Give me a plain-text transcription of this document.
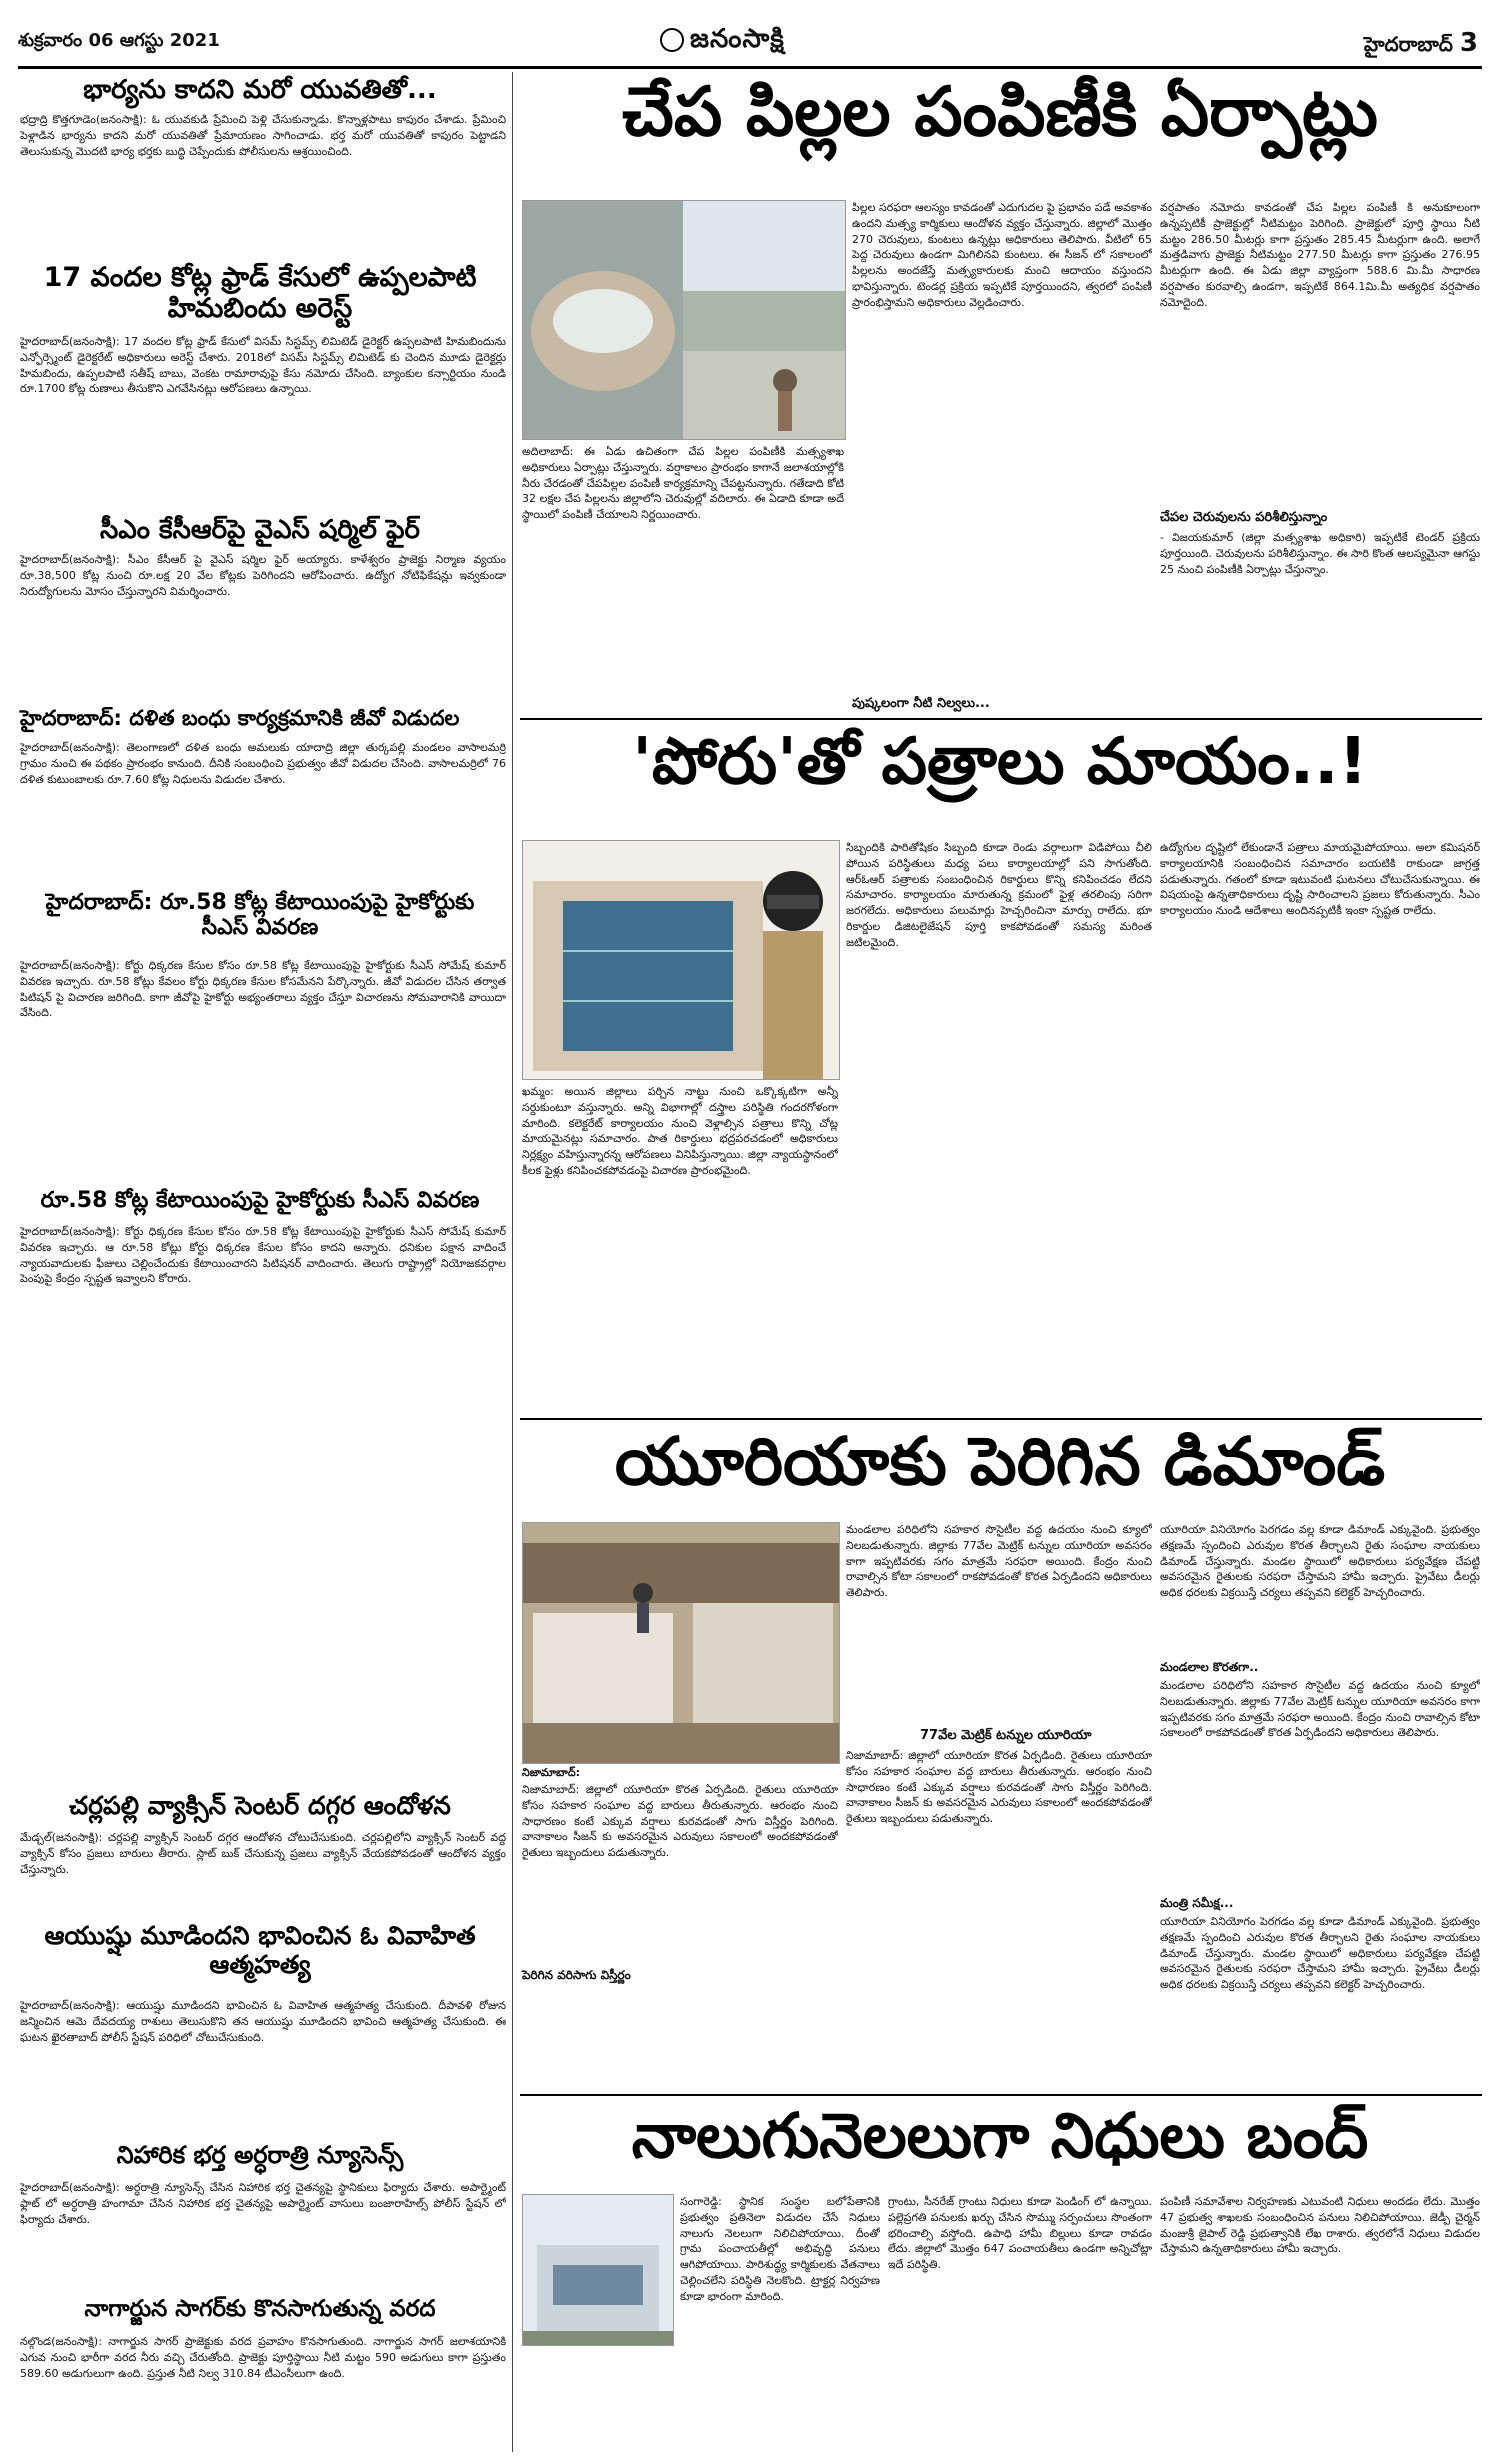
శుక్రవారం 06 ఆగస్టు 2021	జనంసాక్షి	హైదరాబాద్ 3
భార్యను కాదని మరో యువతితో...
భద్రాద్రి కొత్తగూడెం(జనంసాక్షి): ఓ యువకుడి ప్రేమించి పెళ్లి చేసుకున్నాడు. కొన్నాళ్లపాటు కాపురం చేశాడు. ప్రేమించి పెళ్లాడిన భార్యను కాదని మరో యువతితో ప్రేమాయణం సాగించాడు. భర్త మరో యువతితో కాపురం పెట్టాడని తెలుసుకున్న మొదటి భార్య భర్తకు బుద్ధి చెప్పేందుకు పోలీసులను ఆశ్రయించింది.
17 వందల కోట్ల ఫ్రాడ్ కేసులో ఉప్పలపాటి హిమబిందు అరెస్ట్
హైదరాబాద్(జనంసాక్షి): 17 వందల కోట్ల ఫ్రాడ్ కేసులో విసమ్ సిస్టమ్స్ లిమిటెడ్ డైరెక్టర్ ఉప్పలపాటి హిమబిందును ఎన్ఫోర్స్మెంట్ డైరెక్టరేట్ అధికారులు అరెస్ట్ చేశారు. 2018లో విసమ్ సిస్టమ్స్ లిమిటెడ్ కు చెందిన మూడు డైరెక్టర్లు హిమబిందు, ఉప్పలపాటి సతీష్ బాబు, వెంకట రామారావుపై కేసు నమోదు చేసింది. బ్యాంకుల కన్సార్టియం నుండి రూ.1700 కోట్ల రుణాలు తీసుకొని ఎగవేసినట్లు ఆరోపణలు ఉన్నాయి.
సీఎం కేసీఆర్‌పై వైఎస్ షర్మిల్ ఫైర్
హైదరాబాద్(జనంసాక్షి): సీఎం కేసీఆర్ పై వైఎస్ షర్మిల ఫైర్ అయ్యారు. కాళేశ్వరం ప్రాజెక్టు నిర్మాణ వ్యయం రూ.38,500 కోట్ల నుంచి రూ.లక్ష 20 వేల కోట్లకు పెరిగిందని ఆరోపించారు. ఉద్యోగ నోటిఫికేషన్లు ఇవ్వకుండా నిరుద్యోగులను మోసం చేస్తున్నారని విమర్శించారు.
హైదరాబాద్: దళిత బంధు కార్యక్రమానికి జీవో విడుదల
హైదరాబాద్(జనంసాక్షి): తెలంగాణలో దళిత బంధు అమలుకు యాదాద్రి జిల్లా తుర్కపల్లి మండలం వాసాలమర్రి గ్రామం నుంచి ఈ పథకం ప్రారంభం కానుంది. దీనికి సంబంధించి ప్రభుత్వం జీవో విడుదల చేసింది. వాసాలమర్రిలో 76 దళిత కుటుంబాలకు రూ.7.60 కోట్ల నిధులను విడుదల చేశారు.
హైదరాబాద్: రూ.58 కోట్ల కేటాయింపుపై హైకోర్టుకు సీఎస్ వివరణ
హైదరాబాద్(జనంసాక్షి): కోర్టు ధిక్కరణ కేసుల కోసం రూ.58 కోట్ల కేటాయింపుపై హైకోర్టుకు సీఎస్ సోమేష్ కుమార్ వివరణ ఇచ్చారు. రూ.58 కోట్లు కేవలం కోర్టు ధిక్కరణ కేసుల కోసమేనని పేర్కొన్నారు. జీవో విడుదల చేసిన తర్వాత పిటిషన్ పై విచారణ జరిగింది. కాగా జీవోపై హైకోర్టు అభ్యంతరాలు వ్యక్తం చేస్తూ విచారణను సోమవారానికి వాయిదా వేసింది.
రూ.58 కోట్ల కేటాయింపుపై హైకోర్టుకు సీఎస్ వివరణ
హైదరాబాద్(జనంసాక్షి): కోర్టు ధిక్కరణ కేసుల కోసం రూ.58 కోట్ల కేటాయింపుపై హైకోర్టుకు సీఎస్ సోమేష్ కుమార్ వివరణ ఇచ్చారు. ఆ రూ.58 కోట్లు కోర్టు ధిక్కరణ కేసుల కోసం కాదని అన్నారు. ధనికుల పక్షాన వాదించే న్యాయవాదులకు ఫీజులు చెల్లించేందుకు కేటాయించారని పిటిషనర్ వాదించారు. తెలుగు రాష్ట్రాల్లో నియోజకవర్గాల పెంపుపై కేంద్రం స్పష్టత ఇవ్వాలని కోరారు.
చర్లపల్లి వ్యాక్సిన్ సెంటర్ దగ్గర ఆందోళన
మేడ్చల్(జనంసాక్షి): చర్లపల్లి వ్యాక్సిన్ సెంటర్ దగ్గర ఆందోళన చోటుచేసుకుంది. చర్లపల్లిలోని వ్యాక్సిన్ సెంటర్ వద్ద వ్యాక్సిన్ కోసం ప్రజలు బారులు తీరారు. స్లాట్ బుక్ చేసుకున్న ప్రజలు వ్యాక్సిన్ వేయకపోవడంతో ఆందోళన వ్యక్తం చేస్తున్నారు.
ఆయుష్షు మూడిందని భావించిన ఓ వివాహిత ఆత్మహత్య
హైదరాబాద్(జనంసాక్షి): ఆయుష్షు మూడిందని భావించిన ఓ వివాహిత ఆత్మహత్య చేసుకుంది. దీపావళి రోజున జన్మించిన ఆమె దేవదయ్య రాశులు తెలుసుకొని తన ఆయుష్షు మూడిందని భావించి ఆత్మహత్య చేసుకుంది. ఈ ఘటన ఖైరతాబాద్ పోలీస్ స్టేషన్ పరిధిలో చోటుచేసుకుంది.
నిహారిక భర్త అర్ధరాత్రి న్యూసెన్స్
హైదరాబాద్(జనంసాక్షి): అర్ధరాత్రి న్యూసెన్స్ చేసిన నిహారిక భర్త చైతన్యపై స్థానికులు ఫిర్యాదు చేశారు. అపార్ట్మెంట్ ఫ్లాట్ లో అర్ధరాత్రి హంగామా చేసిన నిహారిక భర్త చైతన్యపై అపార్ట్మెంట్ వాసులు బంజారాహిల్స్ పోలీస్ స్టేషన్ లో ఫిర్యాదు చేశారు.
నాగార్జున సాగర్‌కు కొనసాగుతున్న వరద
నల్గొండ(జనంసాక్షి): నాగార్జున సాగర్ ప్రాజెక్టుకు వరద ప్రవాహం కొనసాగుతుంది. నాగార్జున సాగర్ జలాశయానికి ఎగువ నుంచి భారీగా వరద నీరు వచ్చి చేరుతోంది. ప్రాజెక్టు పూర్తిస్థాయి నీటి మట్టం 590 అడుగులు కాగా ప్రస్తుతం 589.60 అడుగులుగా ఉంది. ప్రస్తుత నీటి నిల్వ 310.84 టీఎంసీలుగా ఉంది.
చేప పిల్లల పంపిణీకి ఏర్పాట్లు
అదిలాబాద్: ఈ ఏడు ఉచితంగా చేప పిల్లల పంపిణీకి మత్స్యశాఖ అధికారులు ఏర్పాట్లు చేస్తున్నారు. వర్షాకాలం ప్రారంభం కాగానే జలాశయాల్లోకి నీరు చేరడంతో చేపపిల్లల పంపిణీ కార్యక్రమాన్ని చేపట్టనున్నారు. గతేడాది కోటి 32 లక్షల చేప పిల్లలను జిల్లాలోని చెరువుల్లో వదిలారు. ఈ ఏడాది కూడా అదే స్థాయిలో పంపిణీ చేయాలని నిర్ణయించారు.
పిల్లల సరఫరా ఆలస్యం కావడంతో ఎదుగుదల పై ప్రభావం పడే అవకాశం ఉందని మత్స్య కార్మికులు ఆందోళన వ్యక్తం చేస్తున్నారు. జిల్లాలో మొత్తం 270 చెరువులు, కుంటలు ఉన్నట్లు అధికారులు తెలిపారు. వీటిలో 65 పెద్ద చెరువులు ఉండగా మిగిలినవి కుంటలు. ఈ సీజన్ లో సకాలంలో పిల్లలను అందజేస్తే మత్స్యకారులకు మంచి ఆదాయం వస్తుందని భావిస్తున్నారు. టెండర్ల ప్రక్రియ ఇప్పటికే పూర్తయిందని, త్వరలో పంపిణీ ప్రారంభిస్తామని అధికారులు వెల్లడించారు.
పుష్కలంగా నీటి నిల్వలు...
వర్షపాతం నమోదు కావడంతో చేప పిల్లల పంపిణీ కి అనుకూలంగా ఉన్నప్పటికీ ప్రాజెక్టుల్లో నీటిమట్టం పెరిగింది. ప్రాజెక్టులో పూర్తి స్థాయి నీటి మట్టం 286.50 మీటర్లు కాగా ప్రస్తుతం 285.45 మీటర్లుగా ఉంది. అలాగే మత్తడివాగు ప్రాజెక్టు నీటిమట్టం 277.50 మీటర్లు కాగా ప్రస్తుతం 276.95 మీటర్లుగా ఉంది. ఈ ఏడు జిల్లా వ్యాప్తంగా 588.6 మి.మీ సాధారణ వర్షపాతం కురవాల్సి ఉండగా, ఇప్పటికే 864.1మి.మీ అత్యధిక వర్షపాతం నమోదైంది.
చేపల చెరువులను పరిశీలిస్తున్నాం
- విజయకుమార్ (జిల్లా మత్స్యశాఖ అధికారి) ఇప్పటికే టెండర్ ప్రక్రియ పూర్తయింది. చెరువులను పరిశీలిస్తున్నాం. ఈ సారి కొంత ఆలస్యమైనా ఆగస్టు 25 నుంచి పంపిణీకి ఏర్పాట్లు చేస్తున్నాం.
'పోరు'తో పత్రాలు మాయం..!
ఖమ్మం: అయిన జిల్లాలు పర్చిన నాట్టు నుంచి ఒక్కొక్కటిగా అన్నీ సర్దుకుంటూ వస్తున్నారు. అన్ని విభాగాల్లో దస్త్రాల పరిస్థితి గందరగోళంగా మారింది. కలెక్టరేట్ కార్యాలయం నుంచి వెళ్లాల్సిన పత్రాలు కొన్ని చోట్ల మాయమైనట్లు సమాచారం. పాత రికార్డులు భద్రపరచడంలో అధికారులు నిర్లక్ష్యం వహిస్తున్నారన్న ఆరోపణలు వినిపిస్తున్నాయి. జిల్లా న్యాయస్థానంలో కీలక ఫైళ్లు కనిపించకపోవడంపై విచారణ ప్రారంభమైంది.
సిబ్బందికి పారితోషికం సిబ్బంది కూడా రెండు వర్గాలుగా విడిపోయి చీలి పోయిన పరిస్థితులు మధ్య పలు కార్యాలయాల్లో పని సాగుతోంది. ఆర్ఓఆర్ పత్రాలకు సంబంధించిన రికార్డులు కొన్ని కనిపించడం లేదని సమాచారం. కార్యాలయం మారుతున్న క్రమంలో ఫైళ్ల తరలింపు సరిగా జరగలేదు. అధికారులు పలుమార్లు హెచ్చరించినా మార్పు రాలేదు. భూ రికార్డుల డిజిటలైజేషన్ పూర్తి కాకపోవడంతో సమస్య మరింత జటిలమైంది.
ఉద్యోగుల దృష్టిలో లేకుండానే పత్రాలు మాయమైపోయాయి. అలా కమిషనర్ కార్యాలయానికి సంబంధించిన సమాచారం బయటికి రాకుండా జాగ్రత్త పడుతున్నారు. గతంలో కూడా ఇటువంటి ఘటనలు చోటుచేసుకున్నాయి. ఈ విషయంపై ఉన్నతాధికారులు దృష్టి సారించాలని ప్రజలు కోరుతున్నారు. సీఎం కార్యాలయం నుండి ఆదేశాలు అందినప్పటికీ ఇంకా స్పష్టత రాలేదు.
యూరియాకు పెరిగిన డిమాండ్
నిజామాబాద్:
నిజామాబాద్: జిల్లాలో యూరియా కొరత ఏర్పడింది. రైతులు యూరియా కోసం సహకార సంఘాల వద్ద బారులు తీరుతున్నారు. ఆరంభం నుంచి సాధారణం కంటే ఎక్కువ వర్షాలు కురవడంతో సాగు విస్తీర్ణం పెరిగింది. వానాకాలం సీజన్ కు అవసరమైన ఎరువులు సకాలంలో అందకపోవడంతో రైతులు ఇబ్బందులు పడుతున్నారు.
మండలాల పరిధిలోని సహకార సొసైటీల వద్ద ఉదయం నుంచి క్యూలో నిలబడుతున్నారు. జిల్లాకు 77వేల మెట్రిక్ టన్నుల యూరియా అవసరం కాగా ఇప్పటివరకు సగం మాత్రమే సరఫరా అయింది. కేంద్రం నుంచి రావాల్సిన కోటా సకాలంలో రాకపోవడంతో కొరత ఏర్పడిందని అధికారులు తెలిపారు.
77వేల మెట్రిక్ టన్నుల యూరియా
పెరిగిన వరిసాగు విస్తీర్ణం
నిజామాబాద్: జిల్లాలో యూరియా కొరత ఏర్పడింది. రైతులు యూరియా కోసం సహకార సంఘాల వద్ద బారులు తీరుతున్నారు. ఆరంభం నుంచి సాధారణం కంటే ఎక్కువ వర్షాలు కురవడంతో సాగు విస్తీర్ణం పెరిగింది. వానాకాలం సీజన్ కు అవసరమైన ఎరువులు సకాలంలో అందకపోవడంతో రైతులు ఇబ్బందులు పడుతున్నారు.
యూరియా వినియోగం పెరగడం వల్ల కూడా డిమాండ్ ఎక్కువైంది. ప్రభుత్వం తక్షణమే స్పందించి ఎరువుల కొరత తీర్చాలని రైతు సంఘాల నాయకులు డిమాండ్ చేస్తున్నారు. మండల స్థాయిలో అధికారులు పర్యవేక్షణ చేపట్టి అవసరమైన రైతులకు సరఫరా చేస్తామని హామీ ఇచ్చారు. ప్రైవేటు డీలర్లు అధిక ధరలకు విక్రయిస్తే చర్యలు తప్పవని కలెక్టర్ హెచ్చరించారు.
మండలాల కొరతగా..
మండలాల పరిధిలోని సహకార సొసైటీల వద్ద ఉదయం నుంచి క్యూలో నిలబడుతున్నారు. జిల్లాకు 77వేల మెట్రిక్ టన్నుల యూరియా అవసరం కాగా ఇప్పటివరకు సగం మాత్రమే సరఫరా అయింది. కేంద్రం నుంచి రావాల్సిన కోటా సకాలంలో రాకపోవడంతో కొరత ఏర్పడిందని అధికారులు తెలిపారు.
మంత్రి సమీక్ష...
యూరియా వినియోగం పెరగడం వల్ల కూడా డిమాండ్ ఎక్కువైంది. ప్రభుత్వం తక్షణమే స్పందించి ఎరువుల కొరత తీర్చాలని రైతు సంఘాల నాయకులు డిమాండ్ చేస్తున్నారు. మండల స్థాయిలో అధికారులు పర్యవేక్షణ చేపట్టి అవసరమైన రైతులకు సరఫరా చేస్తామని హామీ ఇచ్చారు. ప్రైవేటు డీలర్లు అధిక ధరలకు విక్రయిస్తే చర్యలు తప్పవని కలెక్టర్ హెచ్చరించారు.
నాలుగునెలలుగా నిధులు బంద్
సంగారెడ్డి: స్థానిక సంస్థల బలోపేతానికి ప్రభుత్వం ప్రతినెలా విడుదల చేసే నిధులు నాలుగు నెలలుగా నిలిచిపోయాయి. దీంతో గ్రామ పంచాయతీల్లో అభివృద్ధి పనులు ఆగిపోయాయి. పారిశుద్ధ్య కార్మికులకు వేతనాలు చెల్లించలేని పరిస్థితి నెలకొంది. ట్రాక్టర్ల నిర్వహణ కూడా భారంగా మారింది.
గ్రాంటు, సీనరేజ్ గ్రాంటు నిధులు కూడా పెండింగ్ లో ఉన్నాయి. పల్లెప్రగతి పనులకు ఖర్చు చేసిన సొమ్ము సర్పంచులు సొంతంగా భరించాల్సి వస్తోంది. ఉపాధి హామీ బిల్లులు కూడా రావడం లేదు. జిల్లాలో మొత్తం 647 పంచాయతీలు ఉండగా అన్నిచోట్లా ఇదే పరిస్థితి.
పంపిణీ సమావేశాల నిర్వహణకు ఎటువంటి నిధులు అందడం లేదు. మొత్తం 47 ప్రభుత్వ శాఖలకు సంబంధించిన పనులు నిలిచిపోయాయి. జెడ్పీ చైర్మన్ మంజుశ్రీ జైపాల్ రెడ్డి ప్రభుత్వానికి లేఖ రాశారు. త్వరలోనే నిధులు విడుదల చేస్తామని ఉన్నతాధికారులు హామీ ఇచ్చారు.
